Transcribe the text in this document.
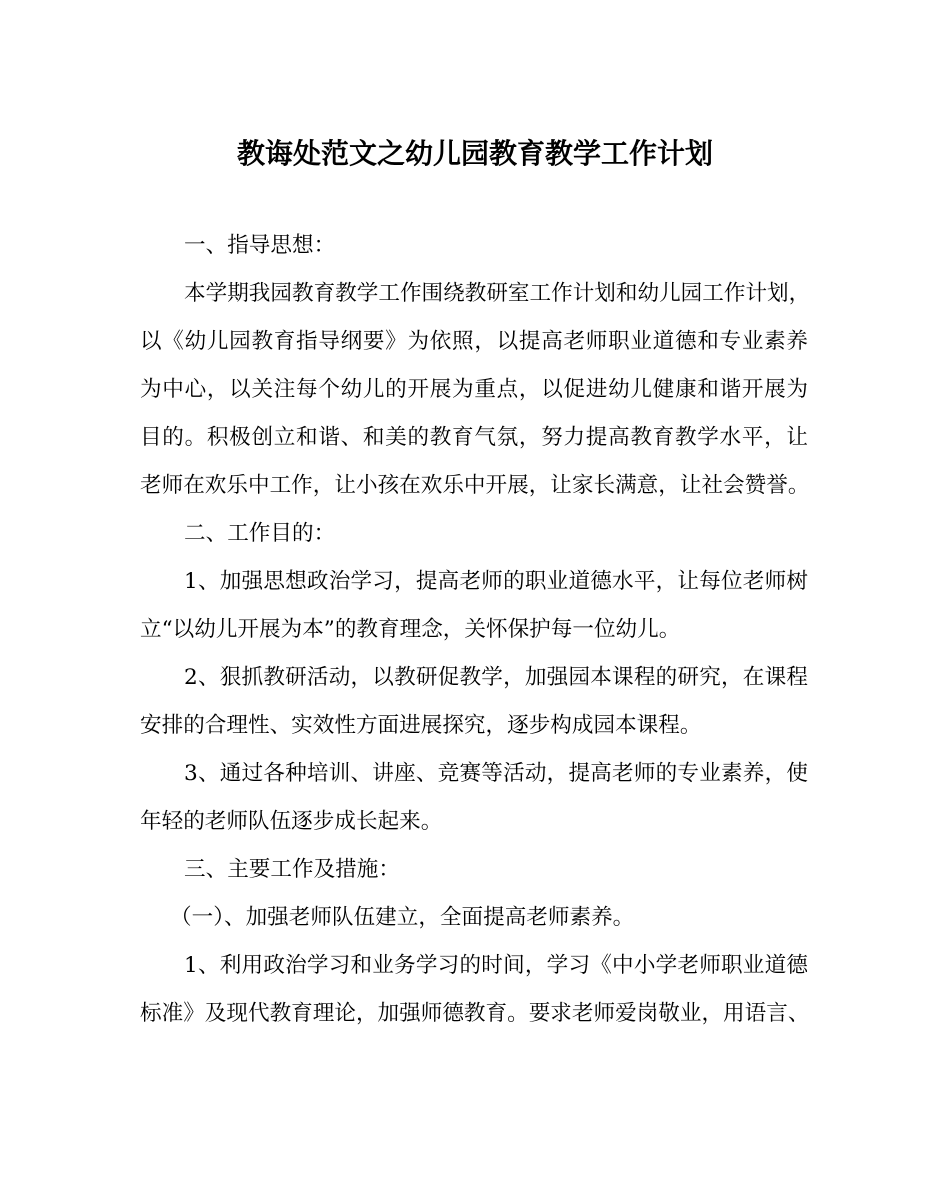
教诲处范文之幼儿园教育教学工作计划
一、指导思想：
本学期我园教育教学工作围绕教研室工作计划和幼儿园工作计划，
以《幼儿园教育指导纲要》为依照，以提高老师职业道德和专业素养
为中心，以关注每个幼儿的开展为重点，以促进幼儿健康和谐开展为
目的。积极创立和谐、和美的教育气氛，努力提高教育教学水平，让
老师在欢乐中工作，让小孩在欢乐中开展，让家长满意，让社会赞誉。
二、工作目的：
1、加强思想政治学习，提高老师的职业道德水平，让每位老师树
立“以幼儿开展为本”的教育理念，关怀保护每一位幼儿。
2、狠抓教研活动，以教研促教学，加强园本课程的研究，在课程
安排的合理性、实效性方面进展探究，逐步构成园本课程。
3、通过各种培训、讲座、竞赛等活动，提高老师的专业素养，使
年轻的老师队伍逐步成长起来。
三、主要工作及措施：
（一）、加强老师队伍建立，全面提高老师素养。
1、利用政治学习和业务学习的时间，学习《中小学老师职业道德
标准》及现代教育理论，加强师德教育。要求老师爱岗敬业，用语言、
